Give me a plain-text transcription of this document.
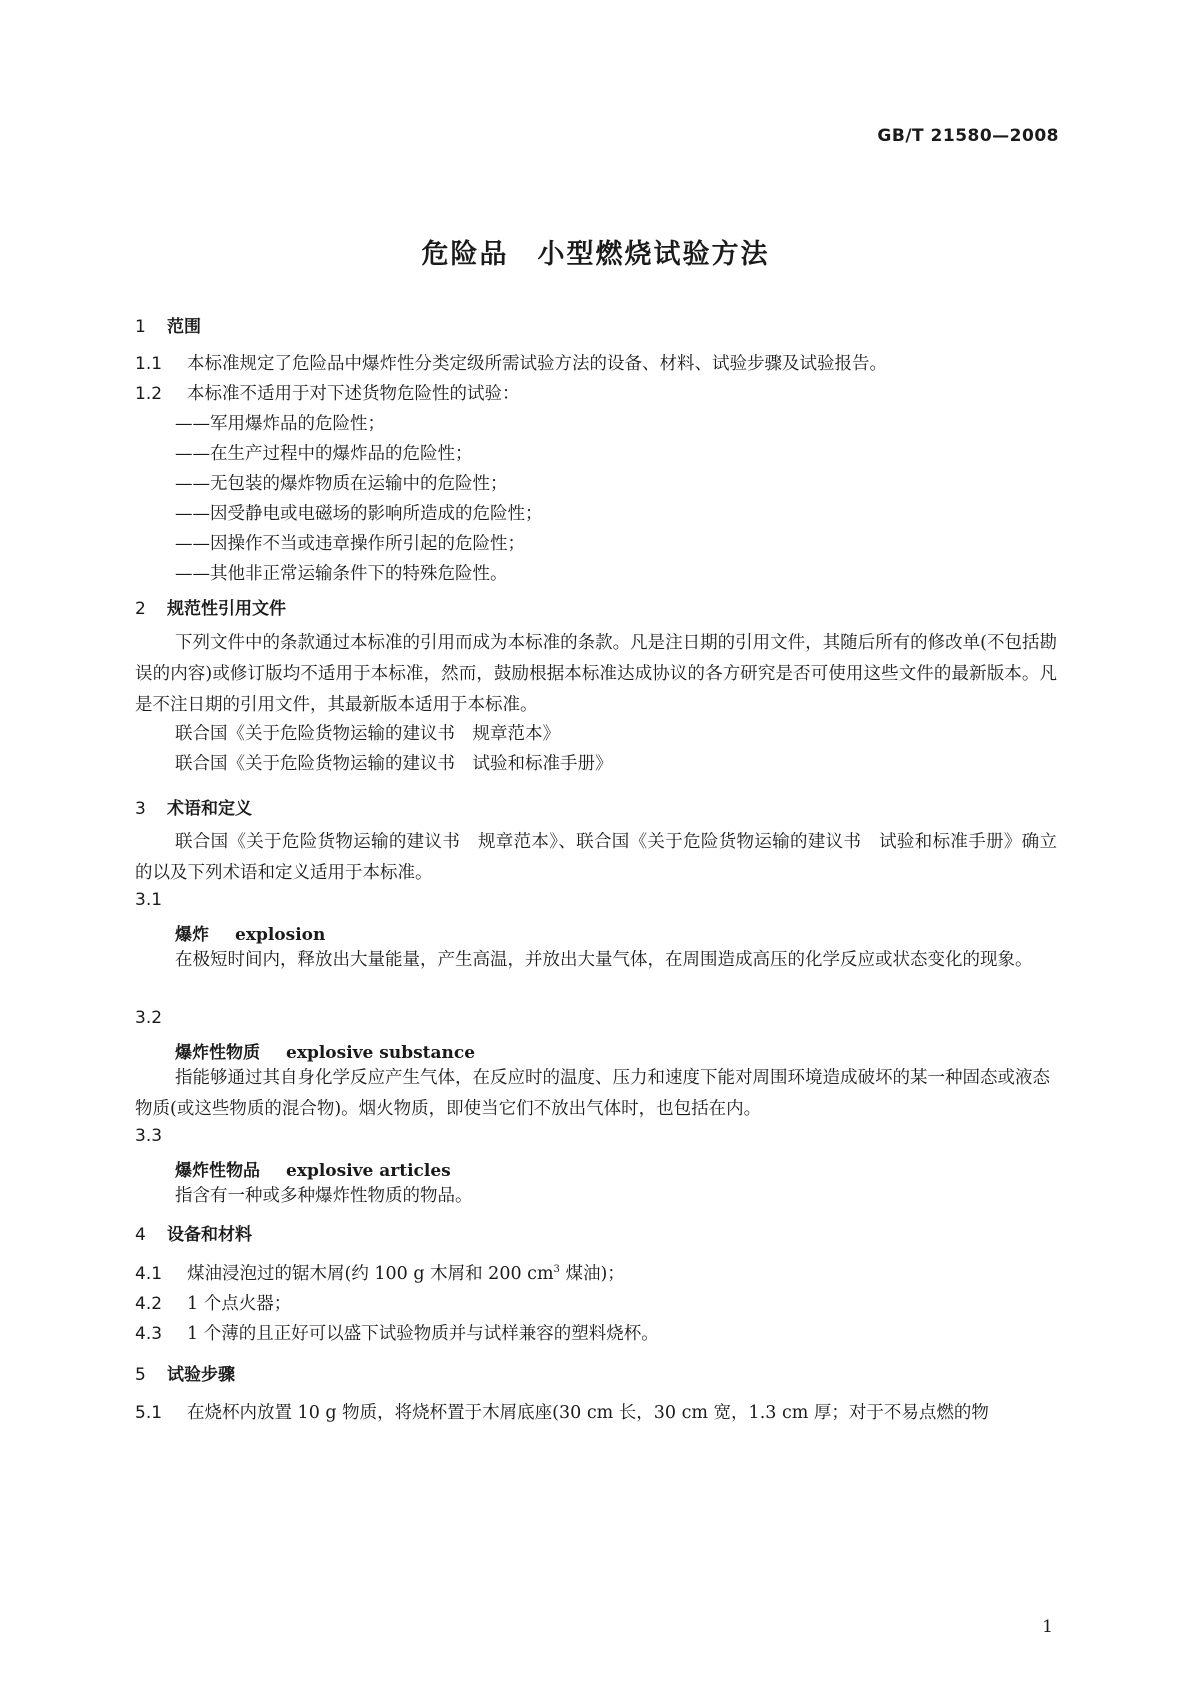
GB/T 21580—2008
危险品　小型燃烧试验方法
1 范围
1.1 本标准规定了危险品中爆炸性分类定级所需试验方法的设备、材料、试验步骤及试验报告。
1.2 本标准不适用于对下述货物危险性的试验：
——军用爆炸品的危险性；
——在生产过程中的爆炸品的危险性；
——无包装的爆炸物质在运输中的危险性；
——因受静电或电磁场的影响所造成的危险性；
——因操作不当或违章操作所引起的危险性；
——其他非正常运输条件下的特殊危险性。
2 规范性引用文件
下列文件中的条款通过本标准的引用而成为本标准的条款。凡是注日期的引用文件，其随后所有的修改单(不包括勘误的内容)或修订版均不适用于本标准，然而，鼓励根据本标准达成协议的各方研究是否可使用这些文件的最新版本。凡是不注日期的引用文件，其最新版本适用于本标准。
联合国《关于危险货物运输的建议书　规章范本》
联合国《关于危险货物运输的建议书　试验和标准手册》
3 术语和定义
联合国《关于危险货物运输的建议书　规章范本》、联合国《关于危险货物运输的建议书　试验和标准手册》确立的以及下列术语和定义适用于本标准。
3.1
爆炸 explosion
在极短时间内，释放出大量能量，产生高温，并放出大量气体，在周围造成高压的化学反应或状态变化的现象。
3.2
爆炸性物质 explosive substance
指能够通过其自身化学反应产生气体，在反应时的温度、压力和速度下能对周围环境造成破坏的某一种固态或液态物质(或这些物质的混合物)。烟火物质，即使当它们不放出气体时，也包括在内。
3.3
爆炸性物品 explosive articles
指含有一种或多种爆炸性物质的物品。
4 设备和材料
4.1 煤油浸泡过的锯木屑(约 100 g 木屑和 200 $cm^3$ 煤油)；
4.2 1 个点火器；
4.3 1 个薄的且正好可以盛下试验物质并与试样兼容的塑料烧杯。
5 试验步骤
5.1 在烧杯内放置 10 g 物质，将烧杯置于木屑底座(30 cm 长，30 cm 宽，1.3 cm 厚；对于不易点燃的物
1
